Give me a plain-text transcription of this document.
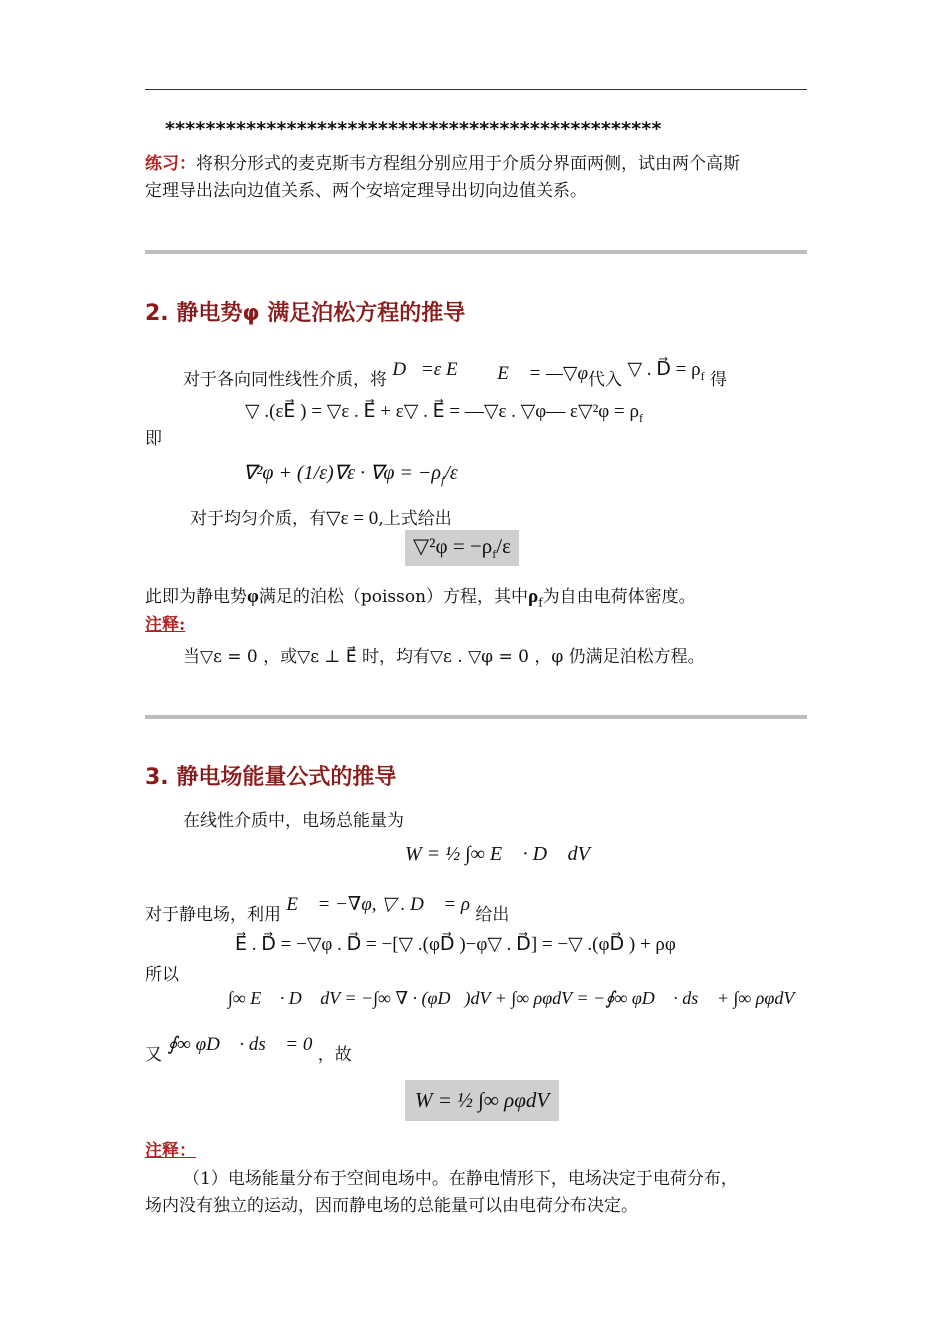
*************************************************
练习：将积分形式的麦克斯韦方程组分别应用于介质分界面两侧，试由两个高斯
定理导出法向边值关系、两个安培定理导出切向边值关系。
2. 静电势φ 满足泊松方程的推导
对于各向同性线性介质，将 D⃗=ε E⃗ ， E⃗ = —▽φ代入 ▽ . D⃗ = $\rho_f$ 得
▽ .(εE⃗ ) = ▽ε . E⃗ + ε▽ . E⃗ = —▽ε . ▽φ— ε▽²φ = $\rho_f$
即
$\nabla^2\varphi + (1/\varepsilon)\nabla\varepsilon \cdot \nabla\varphi = -\rho_f/\varepsilon$
对于均匀介质，有▽ε = 0,上式给出
▽²φ = $-\rho_f/\varepsilon$
此即为静电势φ满足的泊松（poisson）方程，其中$\rho_f$为自由电荷体密度。
注释:
当▽ε = 0 ，或▽ε ⊥ E⃗ 时，均有▽ε . ▽φ = 0 ，φ 仍满足泊松方程。
3. 静电场能量公式的推导
在线性介质中，电场总能量为
W = ½ ∫∞ E⃗ · D⃗ dV
对于静电场，利用 E⃗ = −∇φ, ▽ . D⃗ = ρ 给出
E⃗ . D⃗ = −▽φ . D⃗ = −[▽ .(φD⃗ )−φ▽ . D⃗] = −▽ .(φD⃗ ) + ρφ
所以
∫∞ E⃗ · D⃗ dV = −∫∞ ∇ · (φD⃗)dV + ∫∞ ρφdV = −∮∞ φD⃗ · ds⃗ + ∫∞ ρφdV
又 ∮∞ φD⃗ · ds⃗ = 0 ，故
W = ½ ∫∞ ρφdV
注释：
（1）电场能量分布于空间电场中。在静电情形下，电场决定于电荷分布，
场内没有独立的运动，因而静电场的总能量可以由电荷分布决定。
